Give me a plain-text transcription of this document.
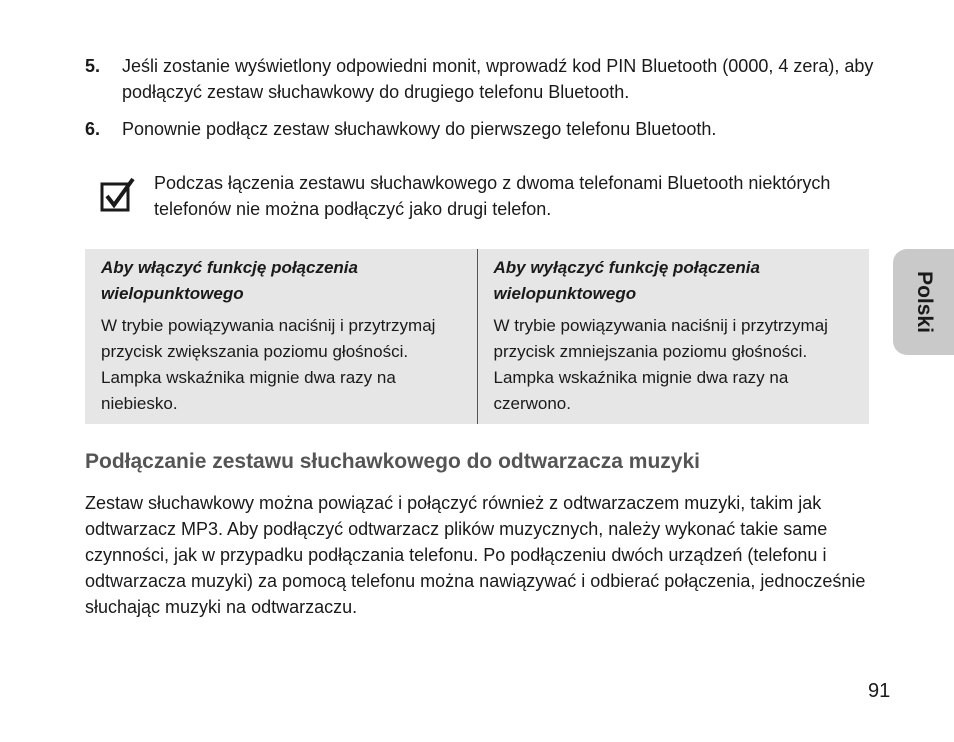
5. Jeśli zostanie wyświetlony odpowiedni monit, wprowadź kod PIN Bluetooth (0000, 4 zera), aby podłączyć zestaw słuchawkowy do drugiego telefonu Bluetooth.
6. Ponownie podłącz zestaw słuchawkowy do pierwszego telefonu Bluetooth.
Podczas łączenia zestawu słuchawkowego z dwoma telefonami Bluetooth niektórych telefonów nie można podłączyć jako drugi telefon.
Aby włączyć funkcję połączenia wielopunktowego
W trybie powiązywania naciśnij i przytrzymaj przycisk zwiększania poziomu głośności. Lampka wskaźnika mignie dwa razy na niebiesko.
Aby wyłączyć funkcję połączenia wielopunktowego
W trybie powiązywania naciśnij i przytrzymaj przycisk zmniejszania poziomu głośności. Lampka wskaźnika mignie dwa razy na czerwono.
Podłączanie zestawu słuchawkowego do odtwarzacza muzyki

Zestaw słuchawkowy można powiązać i połączyć również z odtwarzaczem muzyki, takim jak odtwarzacz MP3. Aby podłączyć odtwarzacz plików muzycznych, należy wykonać takie same czynności, jak w przypadku podłączania telefonu. Po podłączeniu dwóch urządzeń (telefonu i odtwarzacza muzyki) za pomocą telefonu można nawiązywać i odbierać połączenia, jednocześnie słuchając muzyki na odtwarzaczu.

Polski
91
